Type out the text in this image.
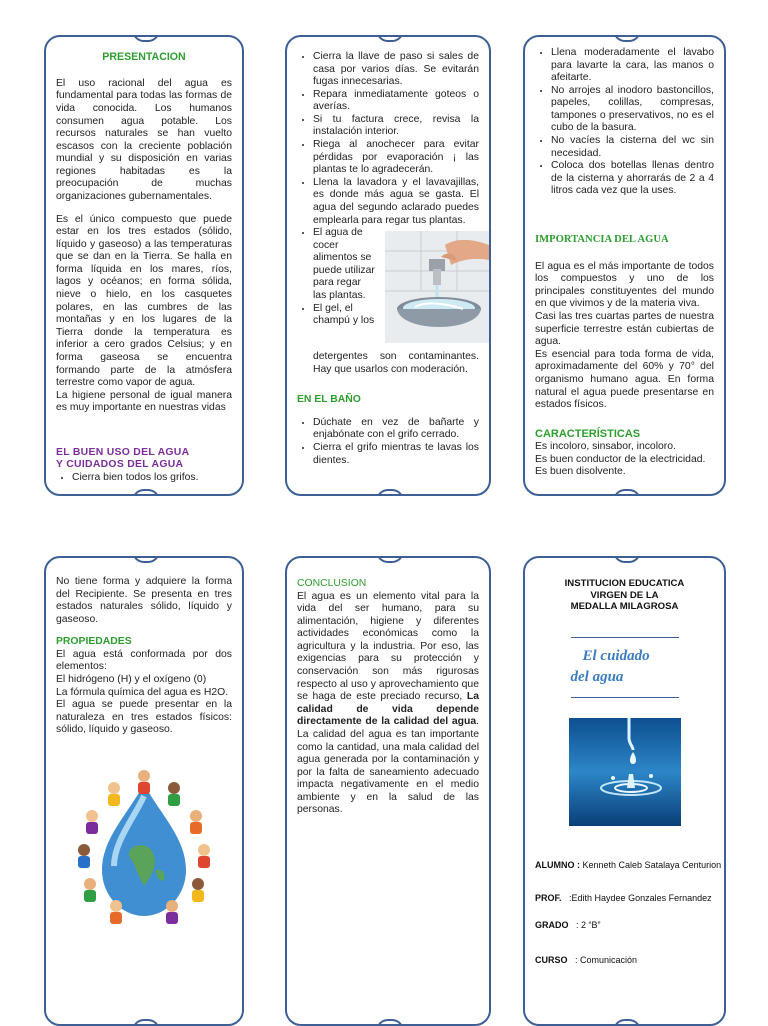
PRESENTACION

El uso racional del agua es fundamental para todas las formas de vida conocida. Los humanos consumen agua potable. Los recursos naturales se han vuelto escasos con la creciente población mundial y su disposición en varias regiones habitadas es la preocupación de muchas organizaciones gubernamentales.

Es el único compuesto que puede estar en los tres estados (sólido, líquido y gaseoso) a las temperaturas que se dan en la Tierra. Se halla en forma líquida en los mares, ríos, lagos y océanos; en forma sólida, nieve o hielo, en los casquetes polares, en las cumbres de las montañas y en los lugares de la Tierra donde la temperatura es inferior a cero grados Celsius; y en forma gaseosa se encuentra formando parte de la atmósfera terrestre como vapor de agua.

La higiene personal de igual manera es muy importante en nuestras vidas

EL BUEN USO DEL AGUA
Y CUIDADOS DEL AGUA
• Cierra bien todos los grifos.
• Cierra la llave de paso si sales de casa por varios días. Se evitarán fugas innecesarias.
• Repara inmediatamente goteos o averías.
• Si tu factura crece, revisa la instalación interior.
• Riega al anochecer para evitar pérdidas por evaporación ¡ las plantas te lo agradecerán.
• Llena la lavadora y el lavavajillas, es donde más agua se gasta. El agua del segundo aclarado puedes emplearla para regar tus plantas.
• El agua de cocer alimentos se puede utilizar para regar las plantas.
• El gel, el champú y los

detergentes son contaminantes. Hay que usarlos con moderación.

EN EL BAÑO
• Dúchate en vez de bañarte y enjabónate con el grifo cerrado.
• Cierra el grifo mientras te lavas los dientes.
• Llena moderadamente el lavabo para lavarte la cara, las manos o afeitarte.
• No arrojes al inodoro bastoncillos, papeles, colillas, compresas, tampones o preservativos, no es el cubo de la basura.
• No vacíes la cisterna del wc sin necesidad.
• Coloca dos botellas llenas dentro de la cisterna y ahorrarás de 2 a 4 litros cada vez que la uses.
IMPORTANCIA DEL AGUA

El agua es el más importante de todos los compuestos y uno de los principales constituyentes del mundo en que vivimos y de la materia viva.

Casi las tres cuartas partes de nuestra superficie terrestre están cubiertas de agua.

Es esencial para toda forma de vida, aproximadamente del 60% y 70° del organismo humano agua. En forma natural el agua puede presentarse en estados físicos.

CARACTERÍSTICAS
Es incoloro, sinsabor, incoloro.
Es buen conductor de la electricidad.
Es buen disolvente.

No tiene forma y adquiere la forma del Recipiente. Se presenta en tres estados naturales sólido, líquido y gaseoso.

PROPIEDADES

El agua está conformada por dos elementos:

El hidrógeno (H) y el oxígeno (0)
La fórmula química del agua es H2O.

El agua se puede presentar en la naturaleza en tres estados físicos: sólido, líquido y gaseoso.

CONCLUSION

El agua es un elemento vital para la vida del ser humano, para su alimentación, higiene y diferentes actividades económicas como la agricultura y la industria. Por eso, las exigencias para su protección y conservación son más rigurosas respecto al uso y aprovechamiento que se haga de este preciado recurso, La calidad de vida depende directamente de la calidad del agua. La calidad del agua es tan importante como la cantidad, una mala calidad del agua generada por la contaminación y por la falta de saneamiento adecuado impacta negativamente en el medio ambiente y en la salud de las personas.

INSTITUCION EDUCATICA
VIRGEN DE LA
MEDALLA MILAGROSA
El cuidado
del agua
ALUMNO : Kenneth Caleb Satalaya Centurion
PROF. :Edith Haydee Gonzales Fernandez
GRADO : 2 “B”
CURSO : Comunicación
